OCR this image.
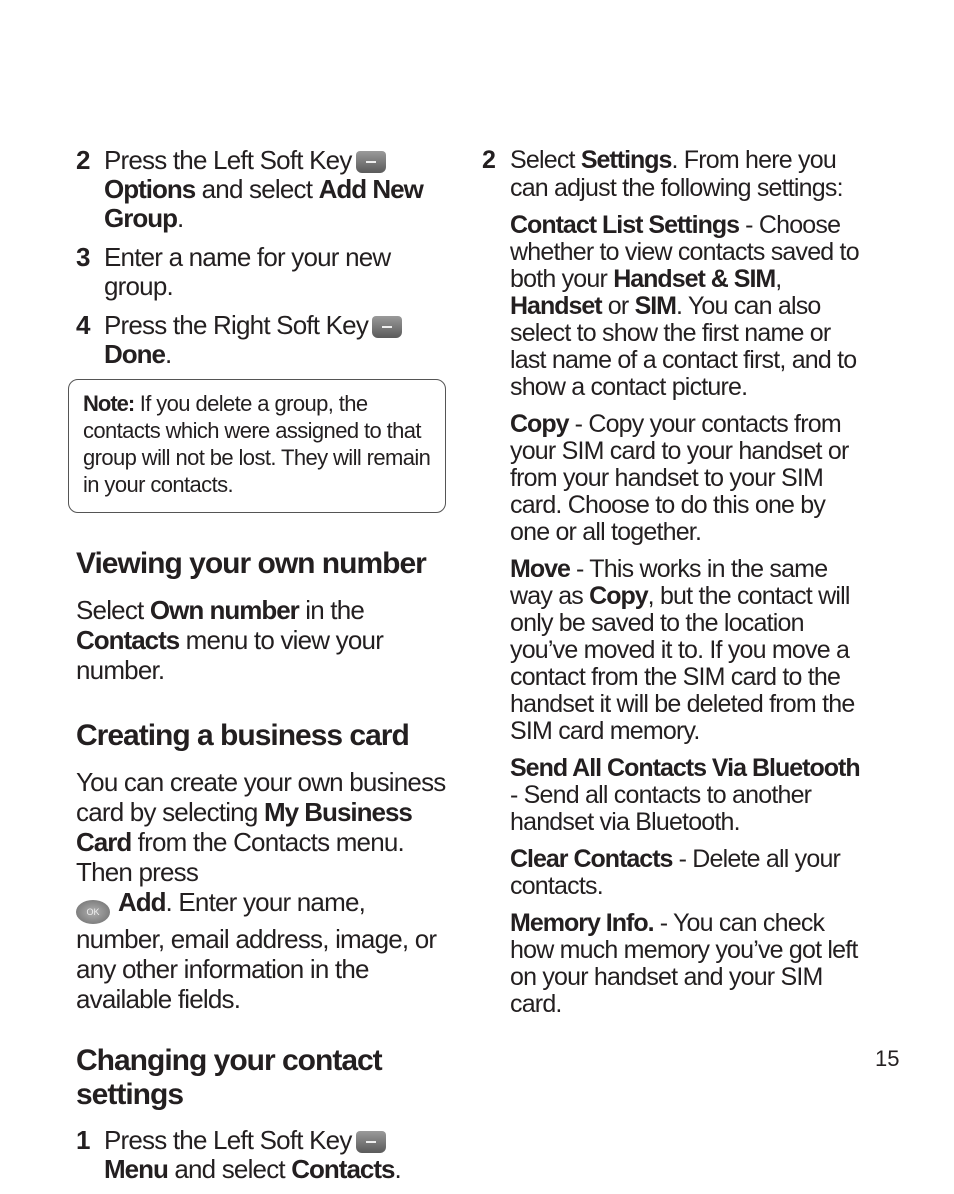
2 Press the Left Soft Key
Options and select Add New Group.

3 Enter a name for your new group.

4 Press the Right Soft Key
Done.

Note: If you delete a group, the contacts which were assigned to that group will not be lost. They will remain in your contacts.
Viewing your own number

Select Own number in the Contacts menu to view your number.

Creating a business card

You can create your own business card by selecting My Business Card from the Contacts menu. Then press
OK Add. Enter your name, number, email address, image, or any other information in the available fields.

Changing your contact settings
1 Press the Left Soft KeyMenu and select Contacts.

2 Select Settings. From here you can adjust the following settings:

Contact List Settings - Choose whether to view contacts saved to both your Handset & SIM, Handset or SIM. You can also select to show the first name or last name of a contact first, and to show a contact picture.

Copy - Copy your contacts from your SIM card to your handset or from your handset to your SIM card. Choose to do this one by one or all together.

Move - This works in the same way as Copy, but the contact will only be saved to the location you’ve moved it to. If you move a contact from the SIM card to the handset it will be deleted from the SIM card memory.

Send All Contacts Via Bluetooth - Send all contacts to another handset via Bluetooth.

Clear Contacts - Delete all your contacts.

Memory Info. - You can check how much memory you’ve got left on your handset and your SIM card.

15
